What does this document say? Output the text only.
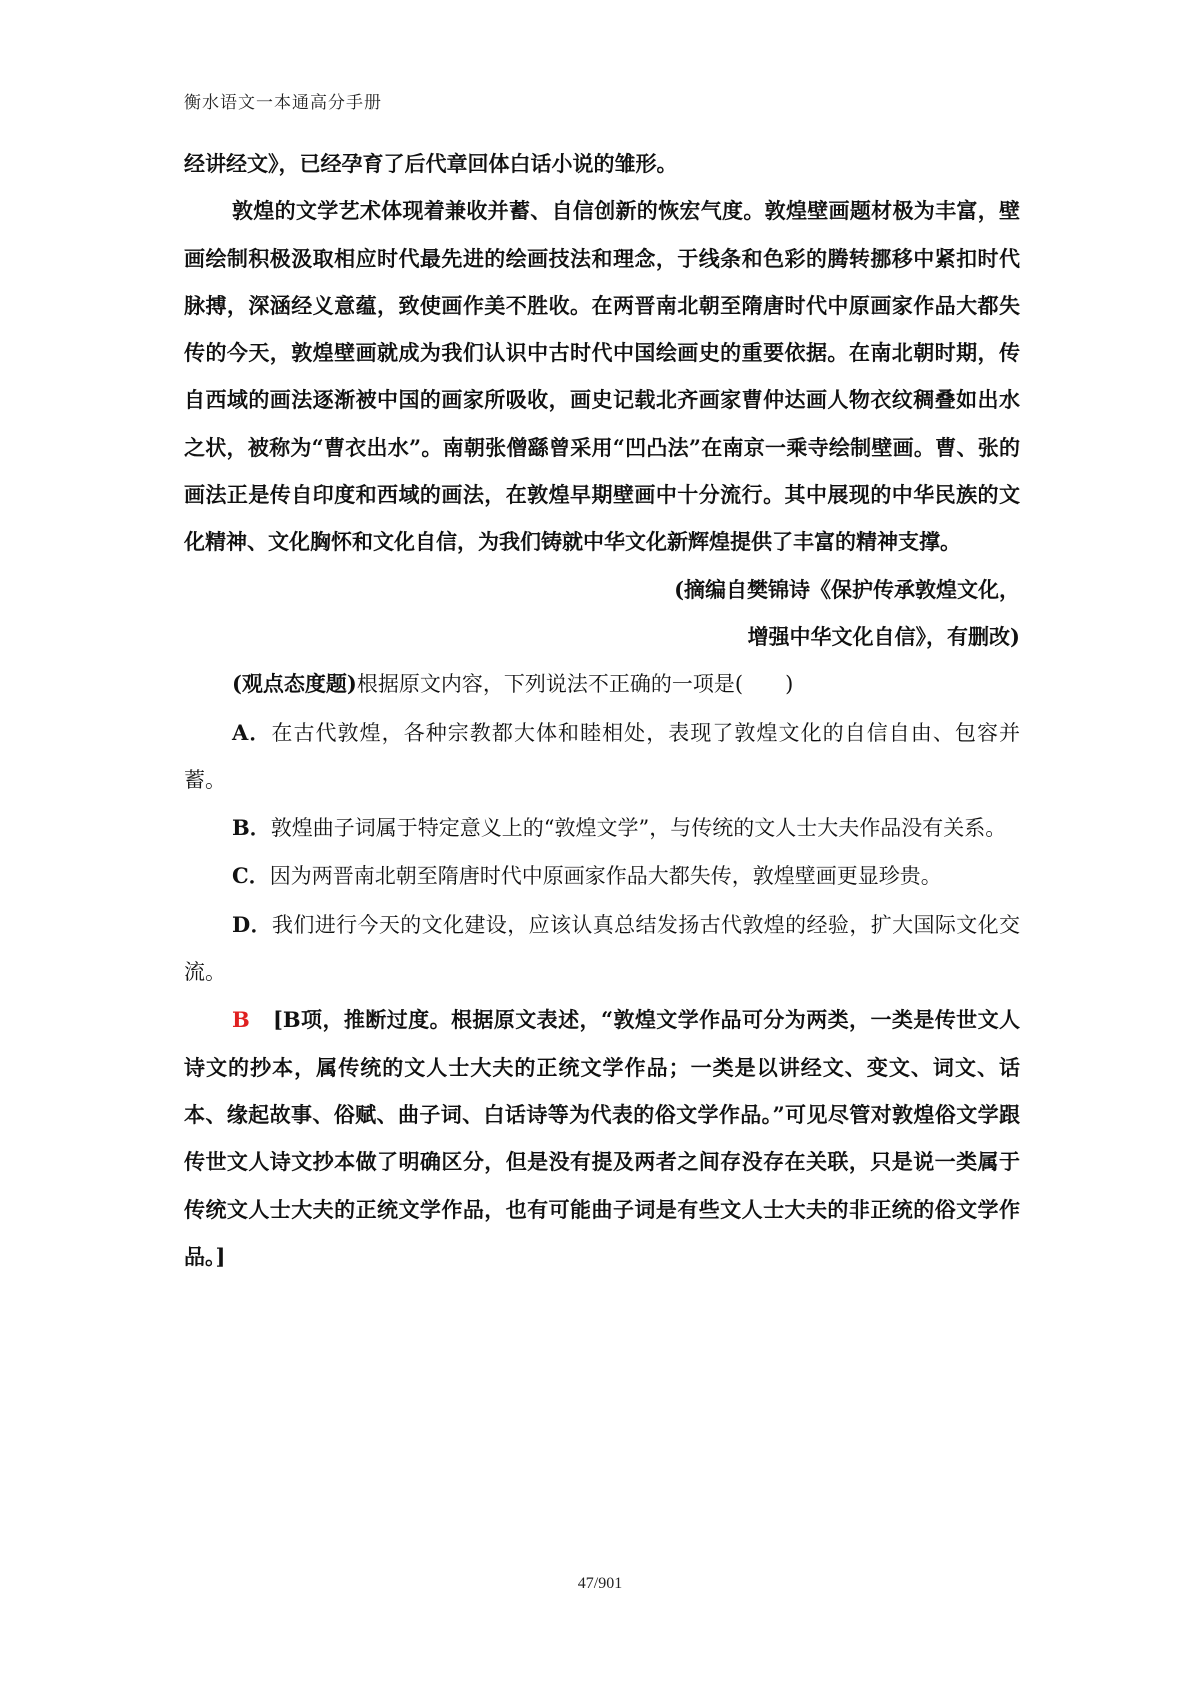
衡水语文一本通高分手册

经讲经文》，已经孕育了后代章回体白话小说的雏形。

敦煌的文学艺术体现着兼收并蓄、自信创新的恢宏气度。敦煌壁画题材极为丰富，壁画绘制积极汲取相应时代最先进的绘画技法和理念，于线条和色彩的腾转挪移中紧扣时代脉搏，深涵经义意蕴，致使画作美不胜收。在两晋南北朝至隋唐时代中原画家作品大都失传的今天，敦煌壁画就成为我们认识中古时代中国绘画史的重要依据。在南北朝时期，传自西域的画法逐渐被中国的画家所吸收，画史记载北齐画家曹仲达画人物衣纹稠叠如出水之状，被称为“曹衣出水”。南朝张僧繇曾采用“凹凸法”在南京一乘寺绘制壁画。曹、张的画法正是传自印度和西域的画法，在敦煌早期壁画中十分流行。其中展现的中华民族的文化精神、文化胸怀和文化自信，为我们铸就中华文化新辉煌提供了丰富的精神支撑。

(摘编自樊锦诗《保护传承敦煌文化，

增强中华文化自信》，有删改)

(观点态度题)根据原文内容，下列说法不正确的一项是(　　)

A．在古代敦煌，各种宗教都大体和睦相处，表现了敦煌文化的自信自由、包容并蓄。

B．敦煌曲子词属于特定意义上的“敦煌文学”，与传统的文人士大夫作品没有关系。

C．因为两晋南北朝至隋唐时代中原画家作品大都失传，敦煌壁画更显珍贵。

D．我们进行今天的文化建设，应该认真总结发扬古代敦煌的经验，扩大国际文化交流。

B [B项，推断过度。根据原文表述，“敦煌文学作品可分为两类，一类是传世文人诗文的抄本，属传统的文人士大夫的正统文学作品；一类是以讲经文、变文、词文、话本、缘起故事、俗赋、曲子词、白话诗等为代表的俗文学作品。”可见尽管对敦煌俗文学跟传世文人诗文抄本做了明确区分，但是没有提及两者之间存没存在关联，只是说一类属于传统文人士大夫的正统文学作品，也有可能曲子词是有些文人士大夫的非正统的俗文学作品。]

47/901
